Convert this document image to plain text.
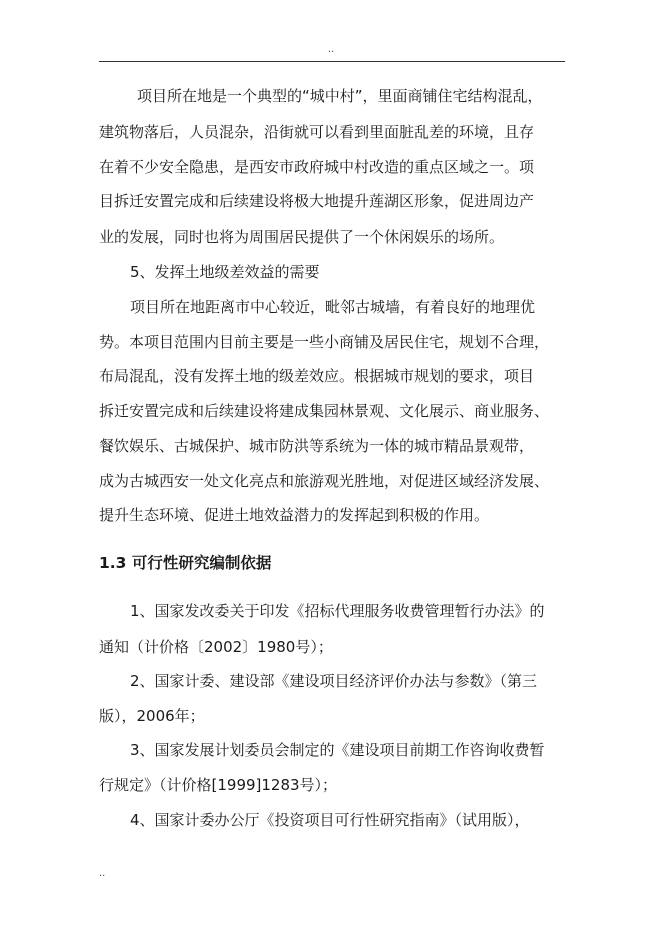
..
项目所在地是一个典型的“城中村”，里面商铺住宅结构混乱，
建筑物落后，人员混杂，沿街就可以看到里面脏乱差的环境，且存
在着不少安全隐患，是西安市政府城中村改造的重点区域之一。项
目拆迁安置完成和后续建设将极大地提升莲湖区形象，促进周边产
业的发展，同时也将为周围居民提供了一个休闲娱乐的场所。
5、发挥土地级差效益的需要
项目所在地距离市中心较近，毗邻古城墙，有着良好的地理优
势。本项目范围内目前主要是一些小商铺及居民住宅，规划不合理，
布局混乱，没有发挥土地的级差效应。根据城市规划的要求，项目
拆迁安置完成和后续建设将建成集园林景观、文化展示、商业服务、
餐饮娱乐、古城保护、城市防洪等系统为一体的城市精品景观带，
成为古城西安一处文化亮点和旅游观光胜地，对促进区域经济发展、
提升生态环境、促进土地效益潜力的发挥起到积极的作用。
1.3 可行性研究编制依据
1、国家发改委关于印发《招标代理服务收费管理暂行办法》的
通知（计价格〔2002〕1980号）；
2、国家计委、建设部《建设项目经济评价办法与参数》（第三
版），2006年；
3、国家发展计划委员会制定的《建设项目前期工作咨询收费暂
行规定》（计价格[1999]1283号）；
4、国家计委办公厅《投资项目可行性研究指南》（试用版），
..
